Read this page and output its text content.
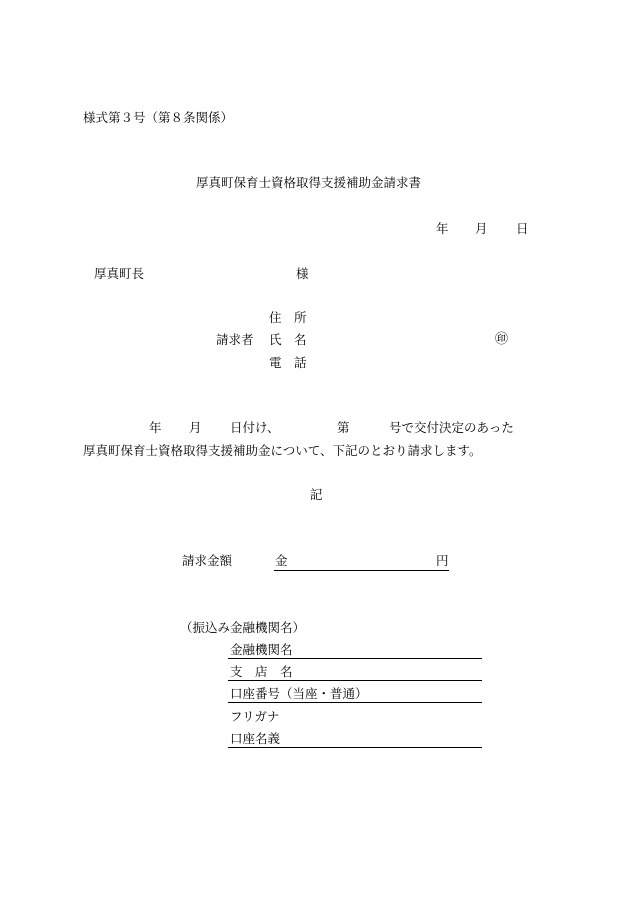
様式第３号（第８条関係）
厚真町保育士資格取得支援補助金請求書
年 月 日
厚真町長	様
住　所
請求者 氏　名	㊞
電　話
年 月 日付け、	第	号で交付決定のあった
厚真町保育士資格取得支援補助金について、下記のとおり請求します。
記
請求金額	金	円
（振込み金融機関名）
金融機関名
支　店　名
口座番号（当座・普通）
フリガナ
口座名義
